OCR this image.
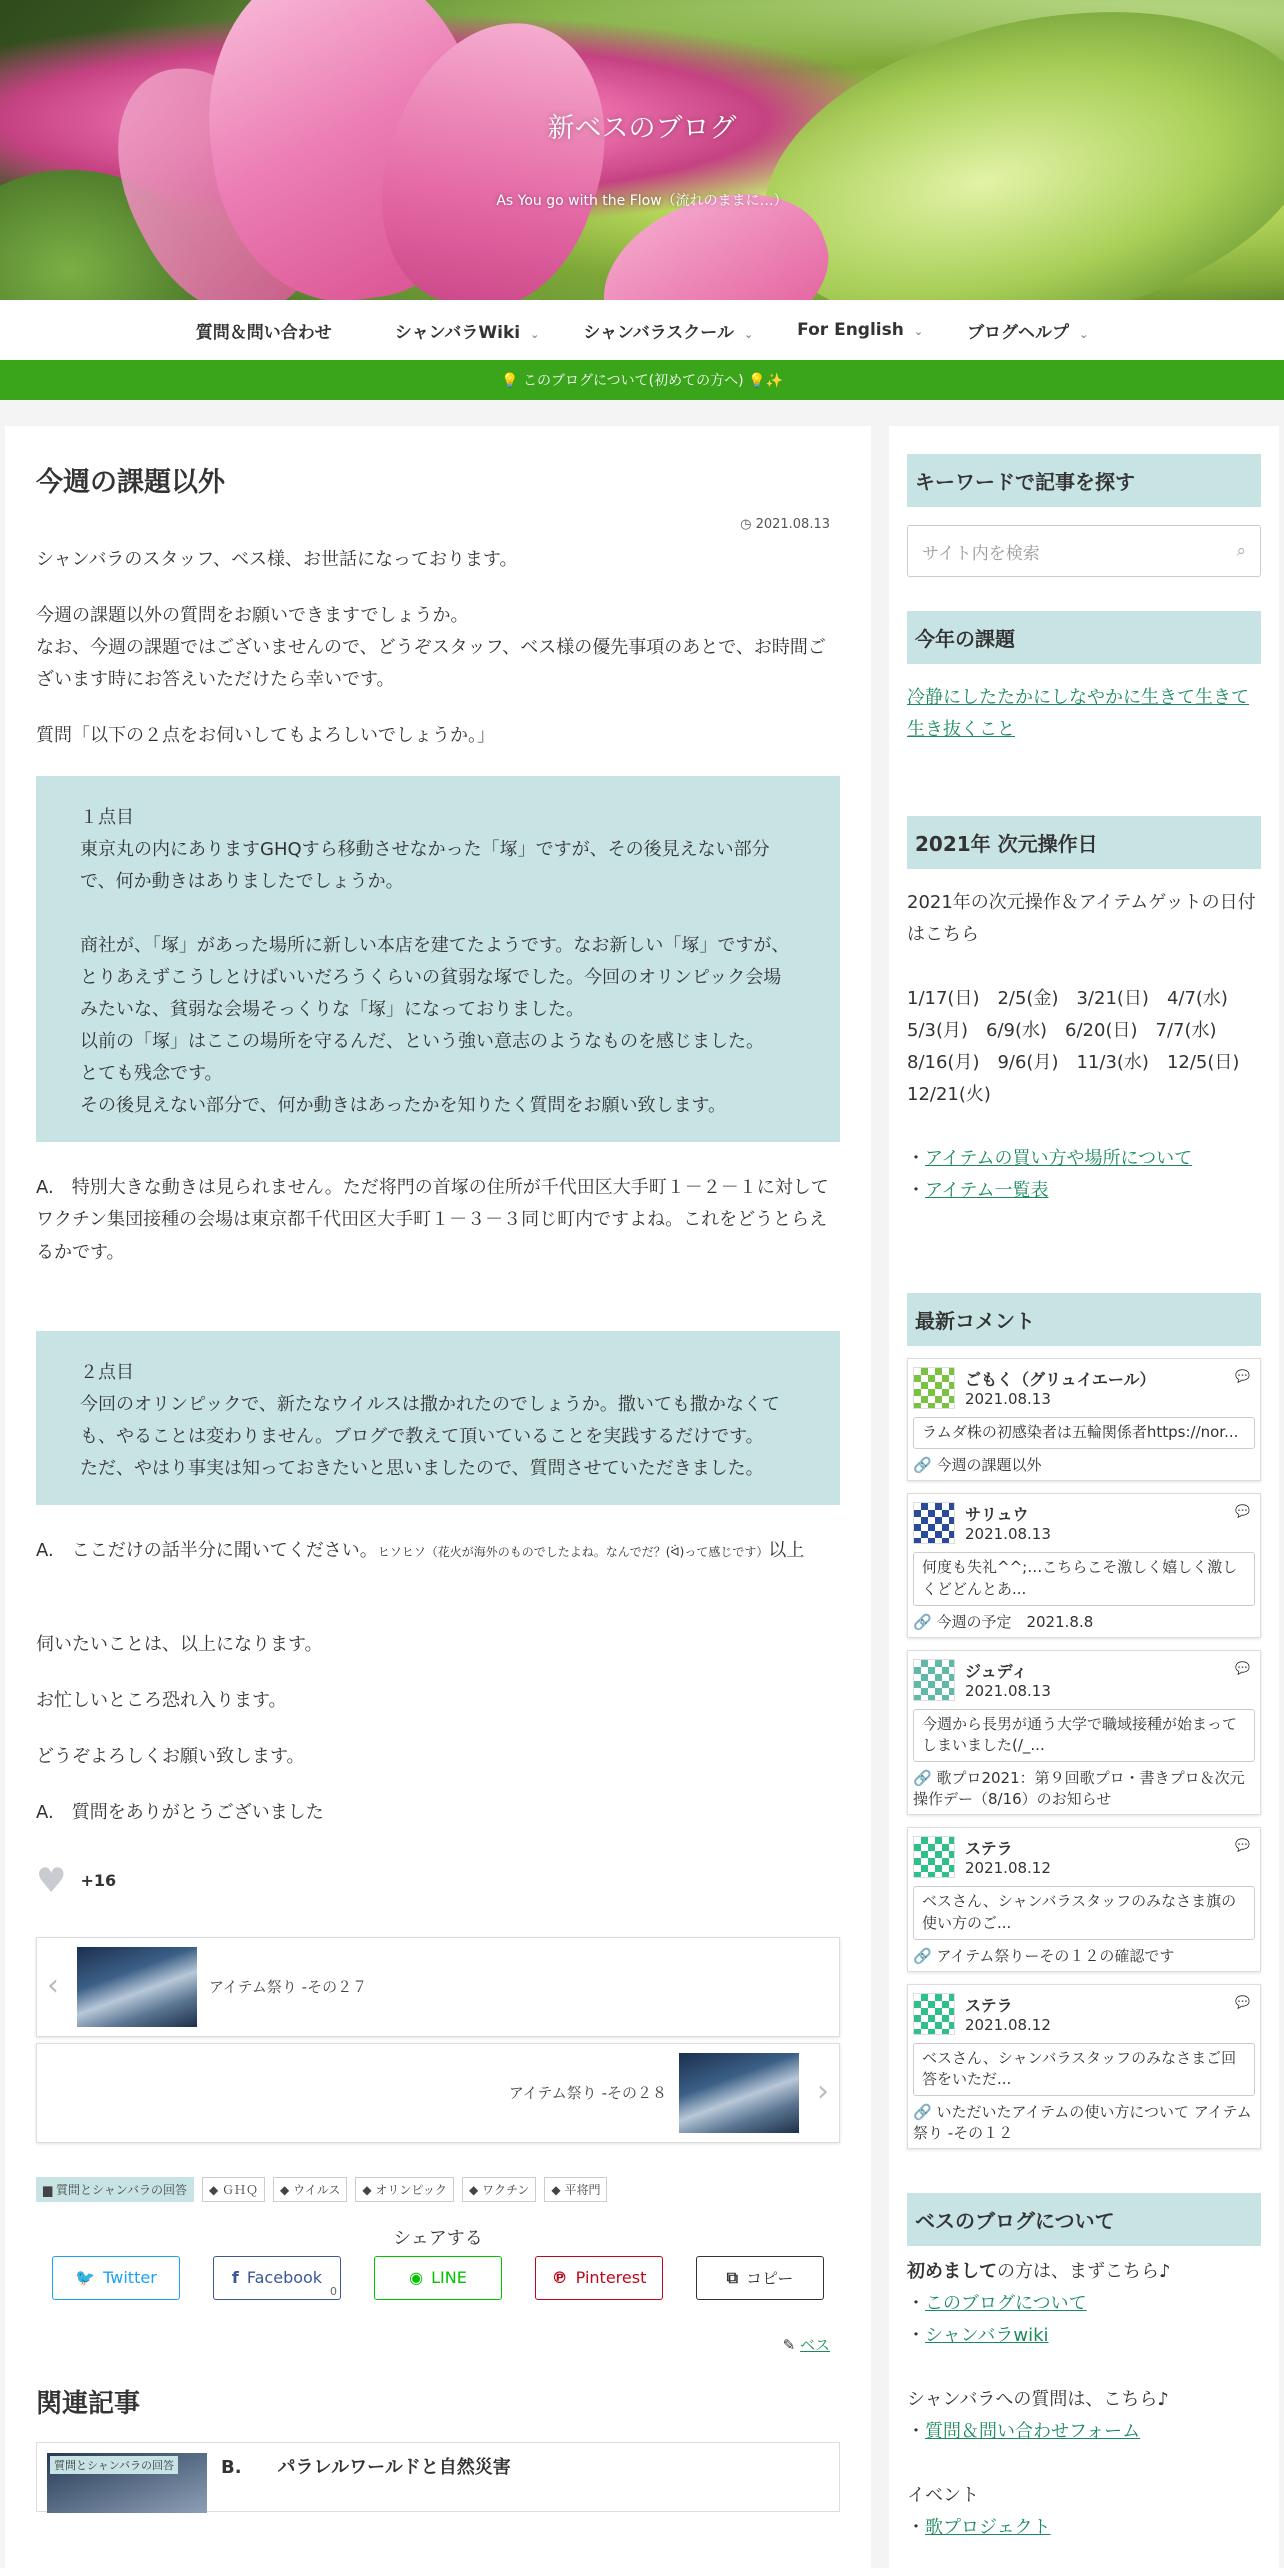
新ベスのブログ
As You go with the Flow（流れのままに…）
質問＆問い合わせ	シャンバラWiki ⌄	シャンバラスクール ⌄	For English ⌄	ブログヘルプ ⌄
💡 このブログについて(初めての方へ) 💡✨
今週の課題以外
◷ 2021.08.13

シャンバラのスタッフ、ベス様、お世話になっております。

今週の課題以外の質問をお願いできますでしょうか。
なお、今週の課題ではございませんので、どうぞスタッフ、ベス様の優先事項のあとで、お時間ございます時にお答えいただけたら幸いです。

質問「以下の２点をお伺いしてもよろしいでしょうか。」

１点目
東京丸の内にありますGHQすら移動させなかった「塚」ですが、その後見えない部分で、何か動きはありましたでしょうか。

商社が、「塚」があった場所に新しい本店を建てたようです。なお新しい「塚」ですが、とりあえずこうしとけばいいだろうくらいの貧弱な塚でした。今回のオリンピック会場みたいな、貧弱な会場そっくりな「塚」になっておりました。
以前の「塚」はここの場所を守るんだ、という強い意志のようなものを感じました。
とても残念です。
その後見えない部分で、何か動きはあったかを知りたく質問をお願い致します。

A.　特別大きな動きは見られません。ただ将門の首塚の住所が千代田区大手町１－２－１に対してワクチン集団接種の会場は東京都千代田区大手町１－３－３同じ町内ですよね。これをどうとらえるかです。

２点目
今回のオリンピックで、新たなウイルスは撒かれたのでしょうか。撒いても撒かなくても、やることは変わりません。ブログで教えて頂いていることを実践するだけです。
ただ、やはり事実は知っておきたいと思いましたので、質問させていただきました。

A.　ここだけの話半分に聞いてください。ヒソヒソ（花火が海外のものでしたよね。なんでだ？(ᐛ)って感じです）以上

伺いたいことは、以上になります。

お忙しいところ恐れ入ります。

どうぞよろしくお願い致します。

A.　質問をありがとうございました

♥ +16
‹	アイテム祭り -その２７
アイテム祭り -その２８	›
▆ 質問とシャンバラの回答	◆ ＧＨＱ	◆ ウイルス	◆ オリンピック	◆ ワクチン	◆ 平将門
シェアする
🐦 Twitter	f Facebook
0
◉ LINE	℗ Pinterest	⧉ コピー
✎ ベス
関連記事
質問とシャンバラの回答	B.　　パラレルワールドと自然災害
キーワードで記事を探す
サイト内を検索	⌕
今年の課題
冷静にしたたかにしなやかに生きて生きて生き抜くこと
2021年 次元操作日
2021年の次元操作＆アイテムゲットの日付はこちら
1/17(日)　2/5(金)　3/21(日)　4/7(水)　5/3(月)　6/9(水)　6/20(日)　7/7(水)　8/16(月)　9/6(月)　11/3(水)　12/5(日)　12/21(火)
・アイテムの買い方や場所について
・アイテム一覧表
最新コメント
💬
ごもく（グリュイエール）
2021.08.13
ラムダ株の初感染者は五輪関係者https://nor...
🔗 今週の課題以外
💬
サリュウ
2021.08.13
何度も失礼^^;…こちらこそ激しく嬉しく激しくどどんとあ...
🔗 今週の予定　2021.8.8
💬
ジュディ
2021.08.13
今週から長男が通う大学で職域接種が始まってしまいました(/_...
🔗 歌プロ2021：第９回歌プロ・書きプロ＆次元操作デー（8/16）のお知らせ
💬
ステラ
2021.08.12
ベスさん、シャンバラスタッフのみなさま旗の使い方のご...
🔗 アイテム祭りーその１２の確認です
💬
ステラ
2021.08.12
ベスさん、シャンバラスタッフのみなさまご回答をいただ...
🔗 いただいたアイテムの使い方について アイテム祭り -その１２
ベスのブログについて
初めましての方は、まずこちら♪
・このブログについて
・シャンバラwiki
シャンバラへの質問は、こちら♪
・質問＆問い合わせフォーム
イベント
・歌プロジェクト
